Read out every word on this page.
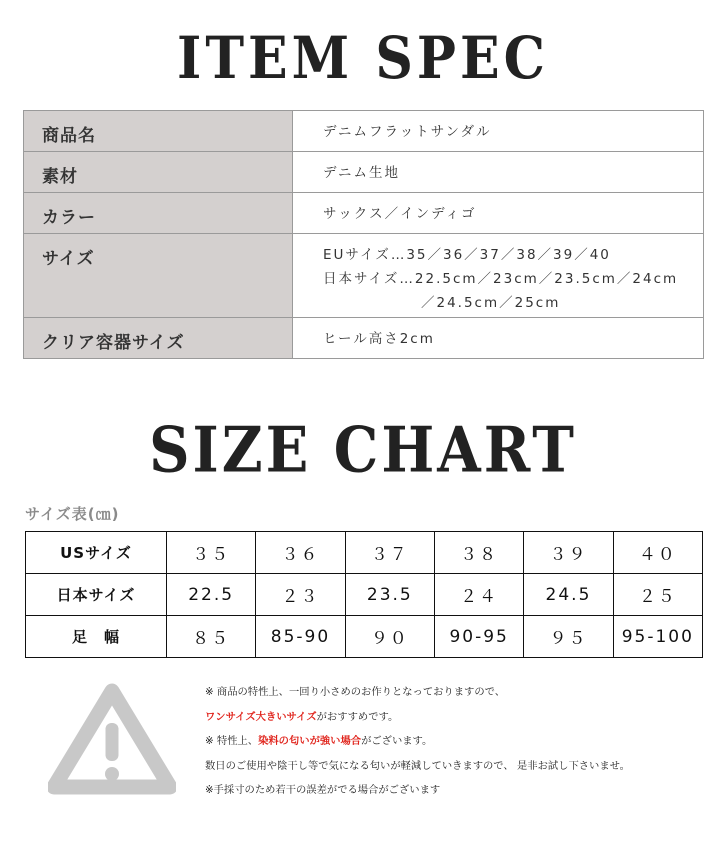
ITEM SPEC
商品名	デニムフラットサンダル
素材	デニム生地
カラー	サックス／インディゴ
サイズ	EUサイズ…35／36／37／38／39／40
日本サイズ…22.5cm／23cm／23.5cm／24cm
／24.5cm／25cm

クリア容器サイズ	ヒール高さ2cm
SIZE CHART
サイズ表(㎝)
USサイズ	３５	３６	３７	３８	３９	４０
日本サイズ	22.5	２３	23.5	２４	24.5	２５
足　幅	８５	85-90	９０	90-95	９５	95-100
※ 商品の特性上、一回り小さめのお作りとなっておりますので、
ワンサイズ大きいサイズがおすすめです。
※ 特性上、染料の匂いが強い場合がございます。
数日のご使用や陰干し等で気になる匂いが軽減していきますので、 是非お試し下さいませ。
※手採寸のため若干の誤差がでる場合がございます
